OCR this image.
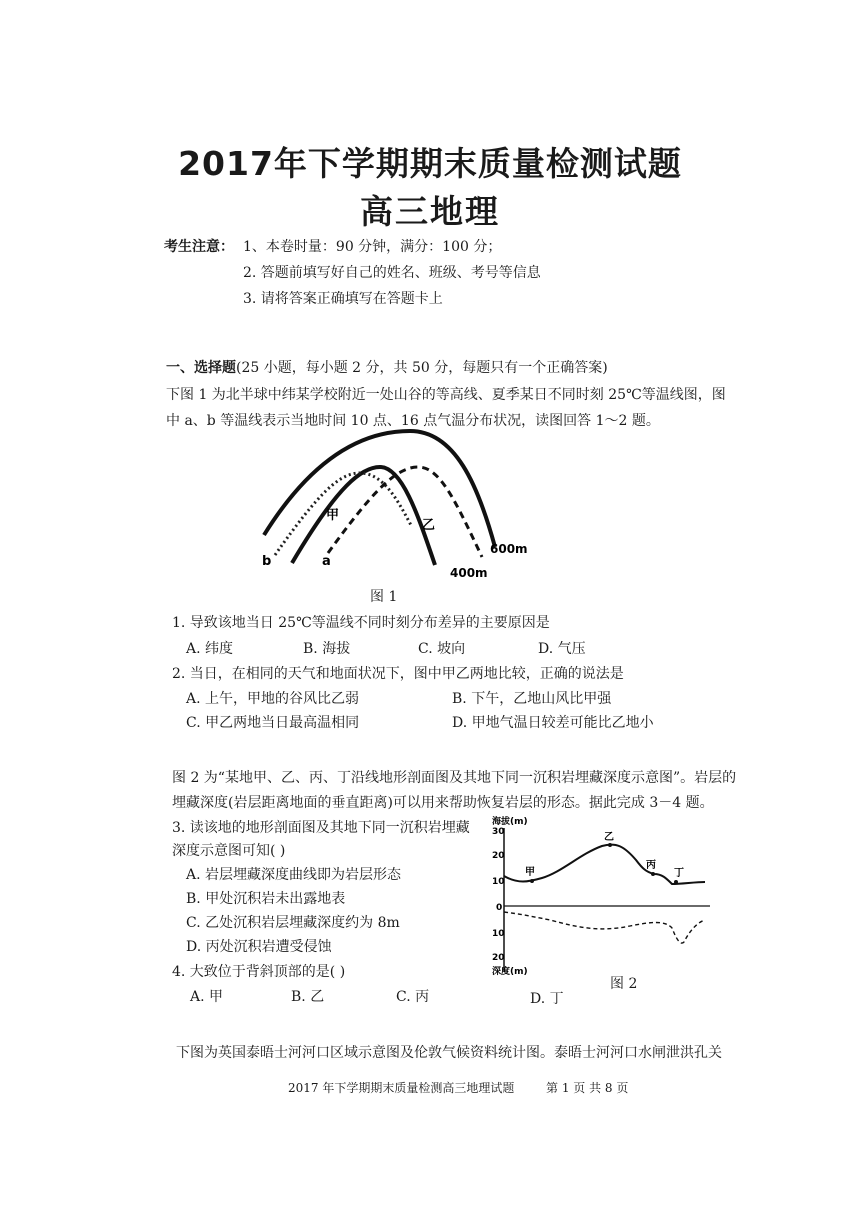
2017年下学期期末质量检测试题
高三地理
考生注意： 1、本卷时量：90 分钟，满分：100 分；
2. 答题前填写好自己的姓名、班级、考号等信息
3. 请将答案正确填写在答题卡上
一、选择题(25 小题，每小题 2 分，共 50 分，每题只有一个正确答案)
下图 1 为北半球中纬某学校附近一处山谷的等高线、夏季某日不同时刻 25℃等温线图，图
中 a、b 等温线表示当地时间 10 点、16 点气温分布状况，读图回答 1～2 题。
甲
乙
b	a
600m
400m
图 1
1. 导致该地当日 25℃等温线不同时刻分布差异的主要原因是
A. 纬度	B. 海拔	C. 坡向	D. 气压
2. 当日，在相同的天气和地面状况下，图中甲乙两地比较，正确的说法是
A. 上午，甲地的谷风比乙弱	B. 下午，乙地山风比甲强
C. 甲乙两地当日最高温相同	D. 甲地气温日较差可能比乙地小
图 2 为“某地甲、乙、丙、丁沿线地形剖面图及其地下同一沉积岩埋藏深度示意图”。岩层的
埋藏深度(岩层距离地面的垂直距离)可以用来帮助恢复岩层的形态。据此完成 3－4 题。
3. 读该地的地形剖面图及其地下同一沉积岩埋藏
深度示意图可知( )
A. 岩层埋藏深度曲线即为岩层形态
B. 甲处沉积岩未出露地表
C. 乙处沉积岩层埋藏深度约为 8m
D. 丙处沉积岩遭受侵蚀
4. 大致位于背斜顶部的是( )
A. 甲	B. 乙	C. 丙	D. 丁
海拔(m)
30
20
10
0
10
20
深度(m)
甲
乙
丙
丁
图 2
下图为英国泰晤士河河口区域示意图及伦敦气候资料统计图。泰晤士河河口水闸泄洪孔关
2017 年下学期期末质量检测高三地理试题	第 1 页 共 8 页
